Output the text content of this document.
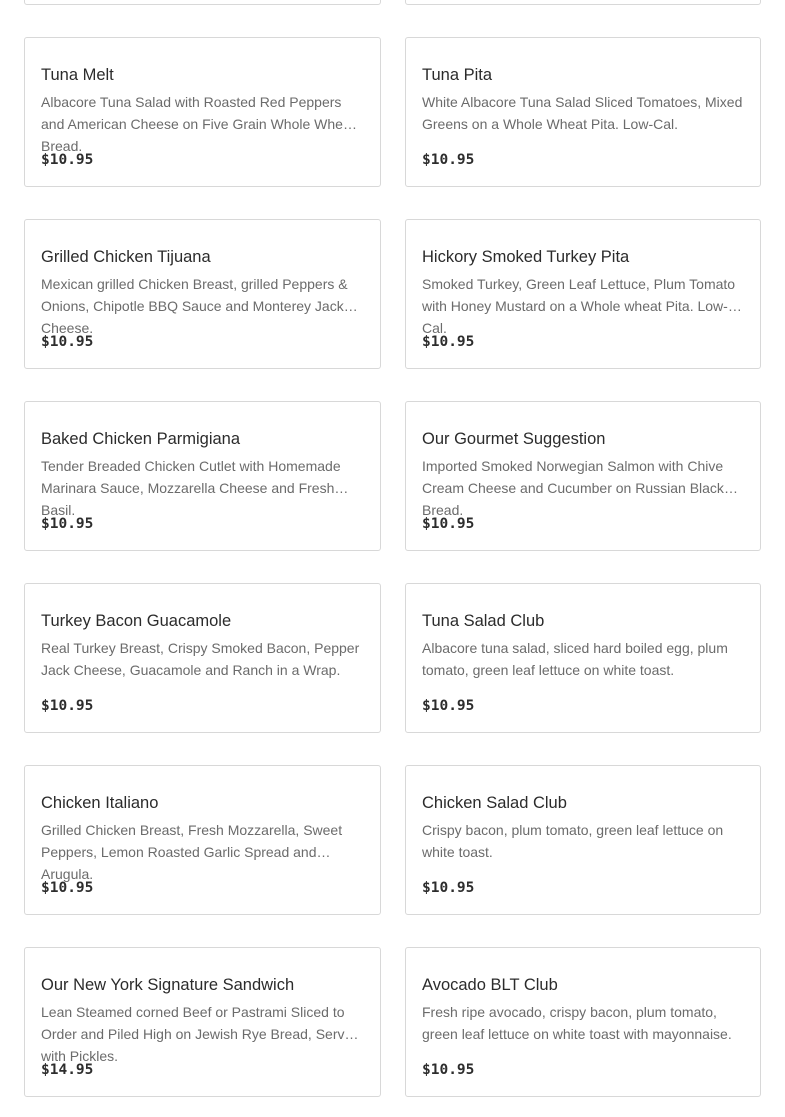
Tuna Melt
Albacore Tuna Salad with Roasted Red Peppers and American Cheese on Five Grain Whole Wheat Bread.
$10.95
Tuna Pita
White Albacore Tuna Salad Sliced Tomatoes, Mixed Greens on a Whole Wheat Pita. Low-Cal.
$10.95
Grilled Chicken Tijuana
Mexican grilled Chicken Breast, grilled Peppers & Onions, Chipotle BBQ Sauce and Monterey Jack Cheese.
$10.95
Hickory Smoked Turkey Pita
Smoked Turkey, Green Leaf Lettuce, Plum Tomato with Honey Mustard on a Whole wheat Pita. Low-Cal.
$10.95
Baked Chicken Parmigiana
Tender Breaded Chicken Cutlet with Homemade Marinara Sauce, Mozzarella Cheese and Fresh Basil.
$10.95
Our Gourmet Suggestion
Imported Smoked Norwegian Salmon with Chive Cream Cheese and Cucumber on Russian Black Bread.
$10.95
Turkey Bacon Guacamole
Real Turkey Breast, Crispy Smoked Bacon, Pepper Jack Cheese, Guacamole and Ranch in a Wrap.
$10.95
Tuna Salad Club
Albacore tuna salad, sliced hard boiled egg, plum tomato, green leaf lettuce on white toast.
$10.95
Chicken Italiano
Grilled Chicken Breast, Fresh Mozzarella, Sweet Peppers, Lemon Roasted Garlic Spread and Arugula.
$10.95
Chicken Salad Club
Crispy bacon, plum tomato, green leaf lettuce on white toast.
$10.95
Our New York Signature Sandwich
Lean Steamed corned Beef or Pastrami Sliced to Order and Piled High on Jewish Rye Bread, Served with Pickles.
$14.95
Avocado BLT Club
Fresh ripe avocado, crispy bacon, plum tomato, green leaf lettuce on white toast with mayonnaise.
$10.95
